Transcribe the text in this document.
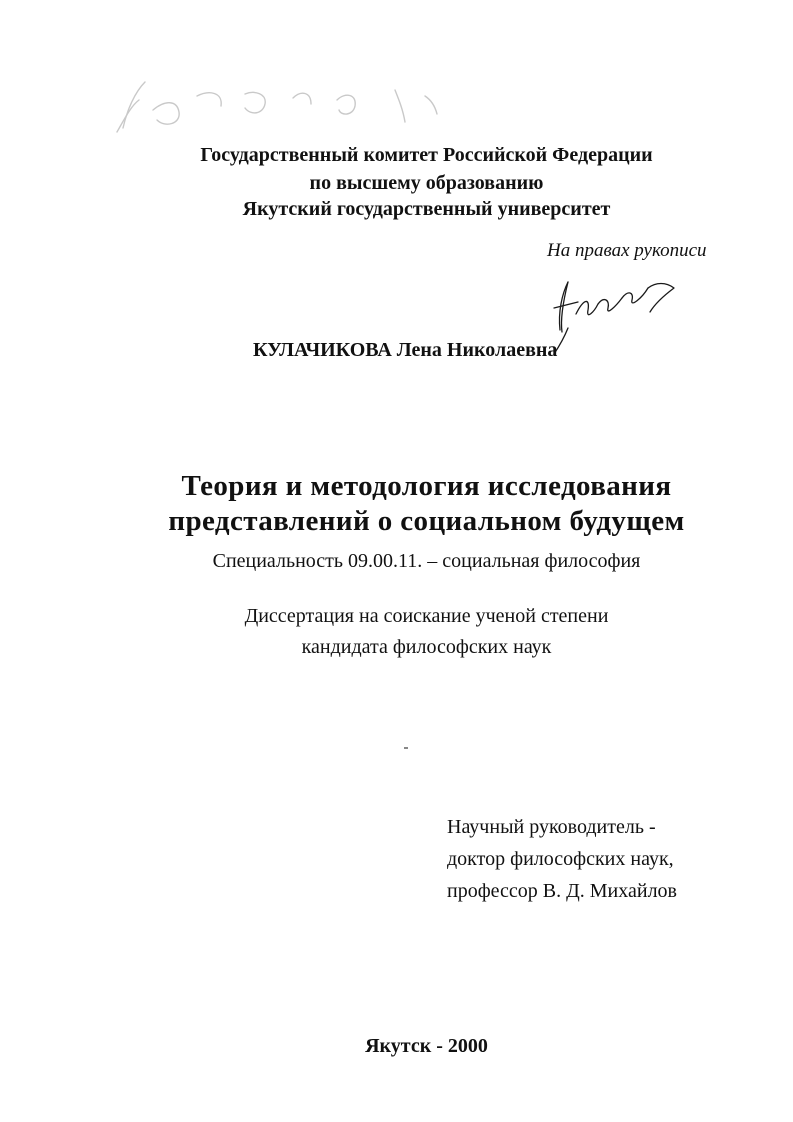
Государственный комитет Российской Федерации
по высшему образованию
Якутский государственный университет
На правах рукописи
КУЛАЧИКОВА Лена Николаевна
Теория и методология исследования
представлений о социальном будущем
Специальность 09.00.11. – социальная философия
Диссертация на соискание ученой степени
кандидата философских наук
Научный руководитель -
доктор философских наук,
профессор В. Д. Михайлов
Якутск - 2000
